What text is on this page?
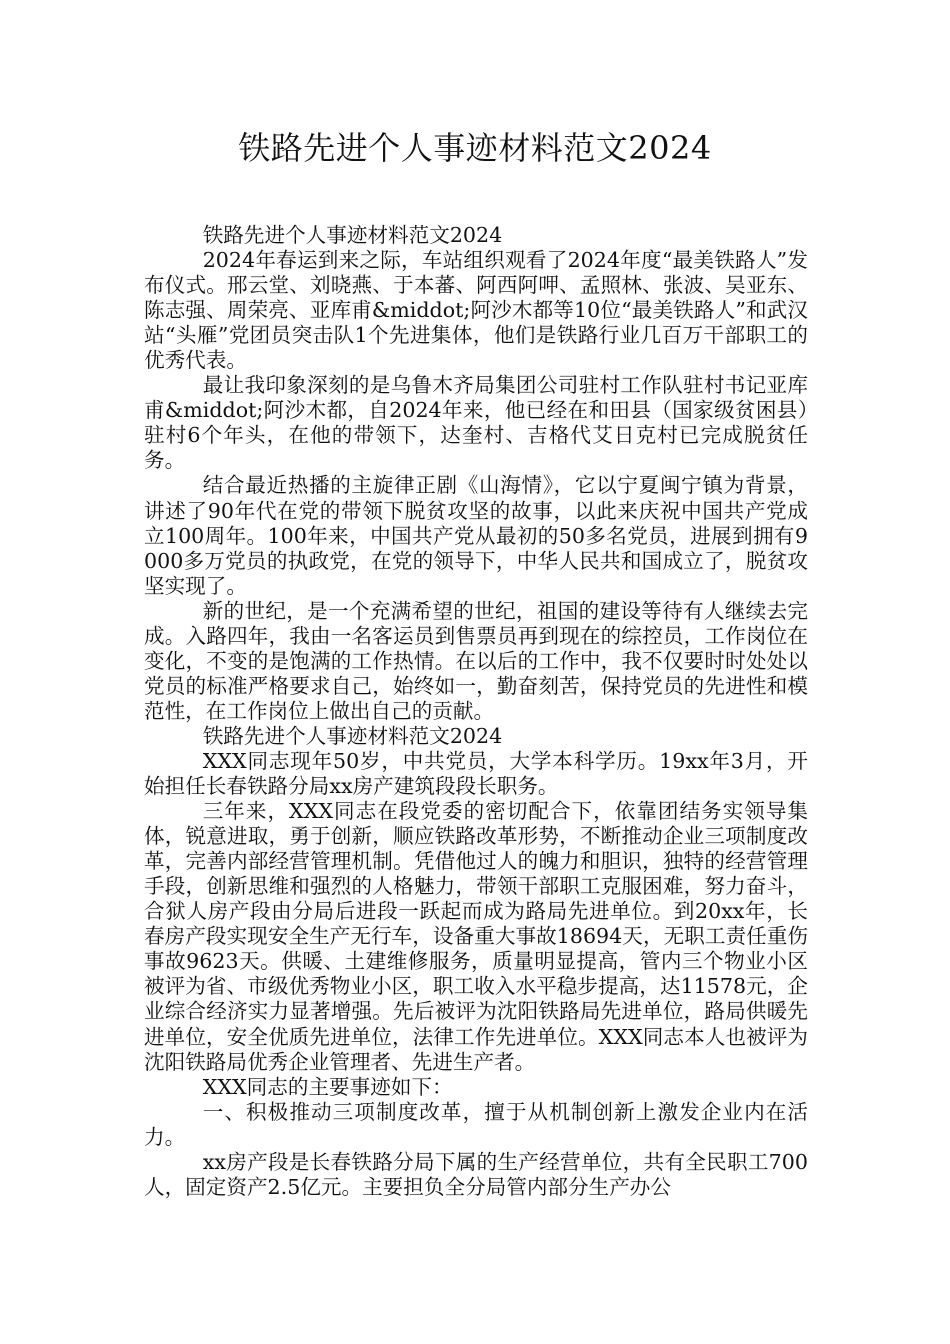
铁路先进个人事迹材料范文2024

铁路先进个人事迹材料范文2024

2024年春运到来之际，车站组织观看了2024年度“最美铁路人”发布仪式。邢云堂、刘晓燕、于本蕃、阿西阿呷、孟照林、张波、吴亚东、陈志强、周荣亮、亚库甫&middot;阿沙木都等10位“最美铁路人”和武汉站“头雁”党团员突击队1个先进集体，他们是铁路行业几百万干部职工的优秀代表。

最让我印象深刻的是乌鲁木齐局集团公司驻村工作队驻村书记亚库甫&middot;阿沙木都，自2024年来，他已经在和田县（国家级贫困县）驻村6个年头，在他的带领下，达奎村、吉格代艾日克村已完成脱贫任务。

结合最近热播的主旋律正剧《山海情》，它以宁夏闽宁镇为背景，讲述了90年代在党的带领下脱贫攻坚的故事，以此来庆祝中国共产党成立100周年。100年来，中国共产党从最初的50多名党员，进展到拥有9000多万党员的执政党，在党的领导下，中华人民共和国成立了，脱贫攻坚实现了。

新的世纪，是一个充满希望的世纪，祖国的建设等待有人继续去完成。入路四年，我由一名客运员到售票员再到现在的综控员，工作岗位在变化，不变的是饱满的工作热情。在以后的工作中，我不仅要时时处处以党员的标准严格要求自己，始终如一，勤奋刻苦，保持党员的先进性和模范性，在工作岗位上做出自己的贡献。

铁路先进个人事迹材料范文2024

XXX同志现年50岁，中共党员，大学本科学历。19xx年3月，开始担任长春铁路分局xx房产建筑段段长职务。

三年来，XXX同志在段党委的密切配合下，依靠团结务实领导集体，锐意进取，勇于创新，顺应铁路改革形势，不断推动企业三项制度改革，完善内部经营管理机制。凭借他过人的魄力和胆识，独特的经营管理手段，创新思维和强烈的人格魅力，带领干部职工克服困难，努力奋斗，合狱人房产段由分局后进段一跃起而成为路局先进单位。到20xx年，长春房产段实现安全生产无行车，设备重大事故18694天，无职工责任重伤事故9623天。供暖、土建维修服务，质量明显提高，管内三个物业小区被评为省、市级优秀物业小区，职工收入水平稳步提高，达11578元，企业综合经济实力显著增强。先后被评为沈阳铁路局先进单位，路局供暖先进单位，安全优质先进单位，法律工作先进单位。XXX同志本人也被评为沈阳铁路局优秀企业管理者、先进生产者。

XXX同志的主要事迹如下：

一、积极推动三项制度改革，擅于从机制创新上激发企业内在活力。

xx房产段是长春铁路分局下属的生产经营单位，共有全民职工700人，固定资产2.5亿元。主要担负全分局管内部分生产办公
